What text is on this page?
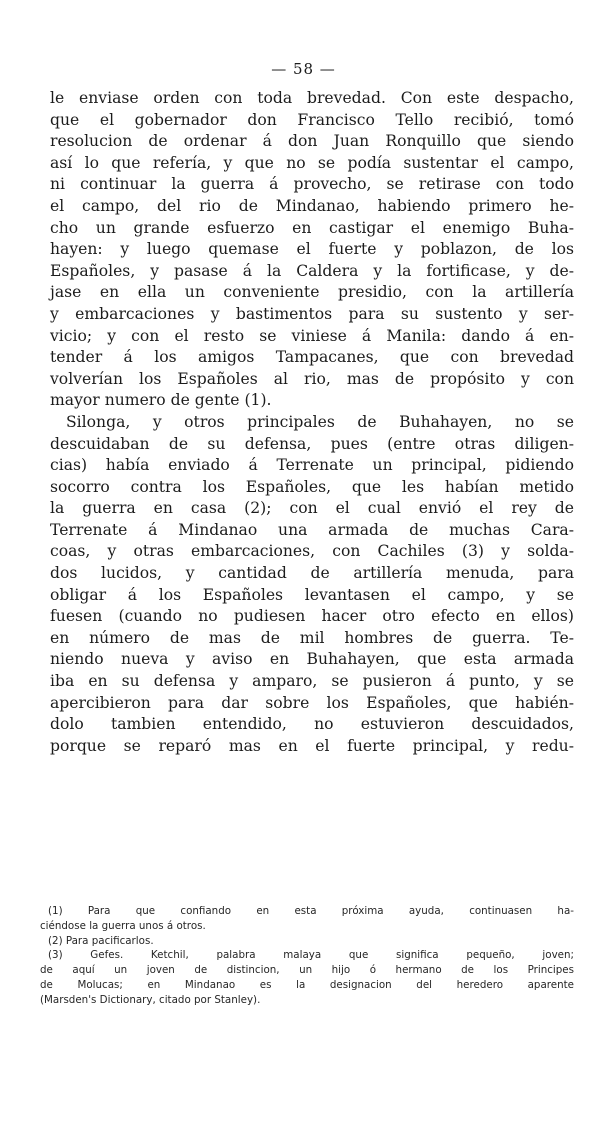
— 58 —
le enviase orden con toda brevedad. Con este despacho,
que el gobernador don Francisco Tello recibió, tomó
resolucion de ordenar á don Juan Ronquillo que siendo
así lo que refería, y que no se podía sustentar el campo,
ni continuar la guerra á provecho, se retirase con todo
el campo, del rio de Mindanao, habiendo primero he-
cho un grande esfuerzo en castigar el enemigo Buha-
hayen: y luego quemase el fuerte y poblazon, de los
Españoles, y pasase á la Caldera y la fortificase, y de-
jase en ella un conveniente presidio, con la artillería
y embarcaciones y bastimentos para su sustento y ser-
vicio; y con el resto se viniese á Manila: dando á en-
tender á los amigos Tampacanes, que con brevedad
volverían los Españoles al rio, mas de propósito y con
mayor numero de gente (1).
Silonga, y otros principales de Buhahayen, no se
descuidaban de su defensa, pues (entre otras diligen-
cias) había enviado á Terrenate un principal, pidiendo
socorro contra los Españoles, que les habían metido
la guerra en casa (2); con el cual envió el rey de
Terrenate á Mindanao una armada de muchas Cara-
coas, y otras embarcaciones, con Cachiles (3) y solda-
dos lucidos, y cantidad de artillería menuda, para
obligar á los Españoles levantasen el campo, y se
fuesen (cuando no pudiesen hacer otro efecto en ellos)
en número de mas de mil hombres de guerra. Te-
niendo nueva y aviso en Buhahayen, que esta armada
iba en su defensa y amparo, se pusieron á punto, y se
apercibieron para dar sobre los Españoles, que habién-
dolo tambien entendido, no estuvieron descuidados,
porque se reparó mas en el fuerte principal, y redu-
(1) Para que confiando en esta próxima ayuda, continuasen ha-
ciéndose la guerra unos á otros.
(2) Para pacificarlos.
(3) Gefes. Ketchil, palabra malaya que significa pequeño, joven;
de aquí un joven de distincion, un hijo ó hermano de los Principes
de Molucas; en Mindanao es la designacion del heredero aparente
(Marsden's Dictionary, citado por Stanley).
